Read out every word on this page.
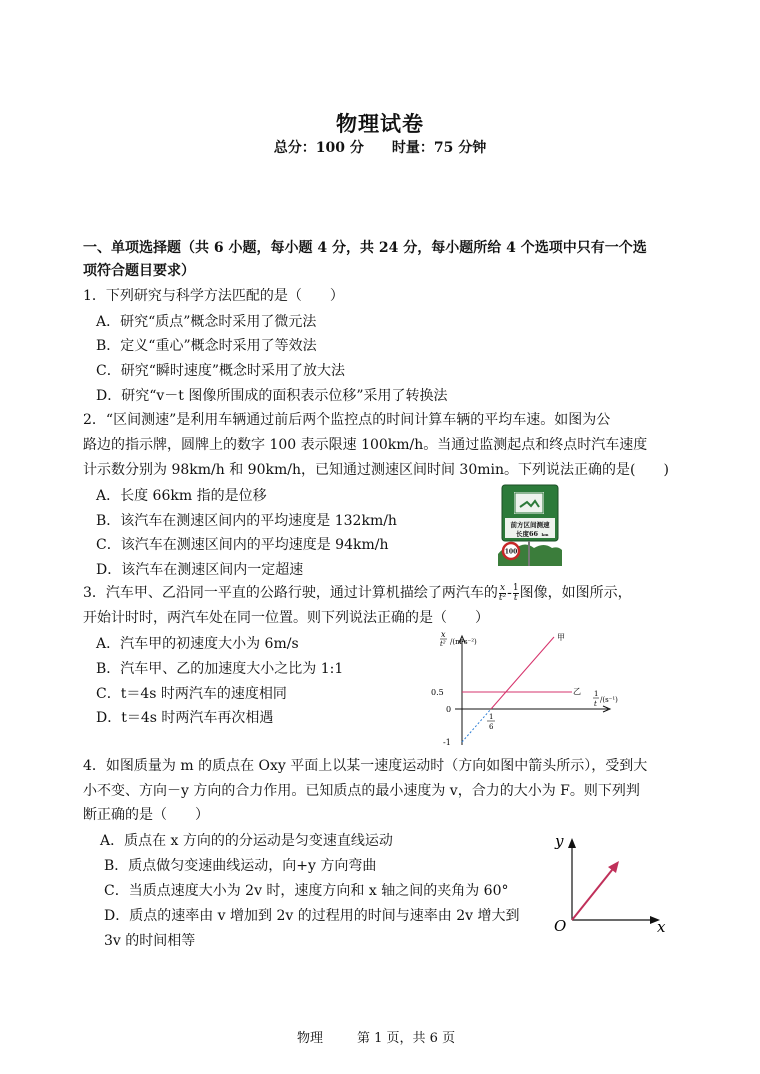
物理试卷
总分：100 分　　时量：75 分钟
一、单项选择题（共 6 小题，每小题 4 分，共 24 分，每小题所给 4 个选项中只有一个选
项符合题目要求）
1．下列研究与科学方法匹配的是（　　）
A．研究“质点”概念时采用了微元法
B．定义“重心”概念时采用了等效法
C．研究“瞬时速度”概念时采用了放大法
D．研究“v－t 图像所围成的面积表示位移”采用了转换法
2．“区间测速”是利用车辆通过前后两个监控点的时间计算车辆的平均车速。如图为公
路边的指示牌，圆牌上的数字 100 表示限速 100km/h。当通过监测起点和终点时汽车速度
计示数分别为 98km/h 和 90km/h，已知通过测速区间时间 30min。下列说法正确的是(　　)
A．长度 66km 指的是位移
B．该汽车在测速区间内的平均速度是 132km/h
C．该汽车在测速区间内的平均速度是 94km/h
D．该汽车在测速区间内一定超速
前方区间测速
长度66 km
100
3．汽车甲、乙沿同一平直的公路行驶，通过计算机描绘了两汽车的 $\frac{x}{\text{t²}} - \frac{1}{t}$ 图像，如图所示，
开始计时时，两汽车处在同一位置。则下列说法正确的是（　　）
A．汽车甲的初速度大小为 6m/s
B．汽车甲、乙的加速度大小之比为 1:1
C．t＝4s 时两汽车的速度相同
D．t＝4s 时两汽车再次相遇
x
t² /(m·s⁻²)
1
t /(s⁻¹)
0.5
0
-1
1
6
甲
乙
4．如图质量为 m 的质点在 Oxy 平面上以某一速度运动时（方向如图中箭头所示），受到大
小不变、方向－y 方向的合力作用。已知质点的最小速度为 v，合力的大小为 F。则下列判
断正确的是（　　）
A．质点在 x 方向的的分运动是匀变速直线运动
B．质点做匀变速曲线运动，向+y 方向弯曲
C．当质点速度大小为 2v 时，速度方向和 x 轴之间的夹角为 60°
D．质点的速率由 v 增加到 2v 的过程用的时间与速率由 2v 增大到
3v 的时间相等
y
x
O
物理	第 1 页，共 6 页
